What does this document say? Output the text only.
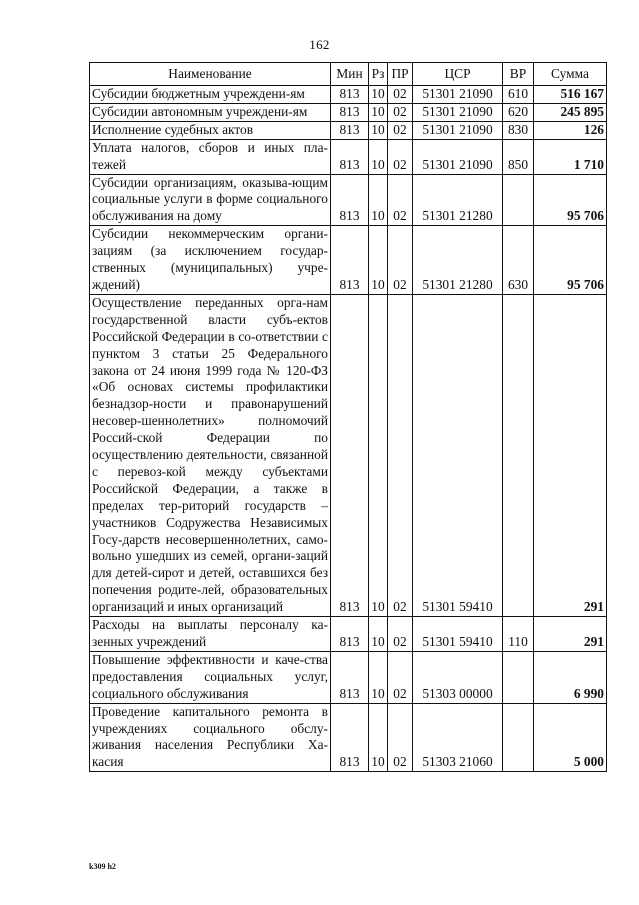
162
Наименование	Мин	Рз	ПР	ЦСР	ВР	Сумма
Субсидии бюджетным учреждени-ям	813	10	02	51301 21090	610	516 167
Субсидии автономным учреждени-ям	813	10	02	51301 21090	620	245 895
Исполнение судебных актов	813	10	02	51301 21090	830	126
Уплата налогов, сборов и иных пла-тежей	813	10	02	51301 21090	850	1 710
Субсидии организациям, оказыва-ющим социальные услуги в форме социального обслуживания на дому	813	10	02	51301 21280		95 706
Субсидии некоммерческим органи-зациям (за исключением государ-ственных (муниципальных) учре-ждений)	813	10	02	51301 21280	630	95 706
Осуществление переданных орга-нам государственной власти субъ-ектов Российской Федерации в со-ответствии с пунктом 3 статьи 25 Федерального закона от 24 июня 1999 года № 120-ФЗ «Об основах системы профилактики безнадзор-ности и правонарушений несовер-шеннолетних» полномочий Россий-ской Федерации по осуществлению деятельности, связанной с перевоз-кой между субъектами Российской Федерации, а также в пределах тер-риторий государств – участников Содружества Независимых Госу-дарств несовершеннолетних, само-вольно ушедших из семей, органи-заций для детей-сирот и детей, оставшихся без попечения родите-лей, образовательных организаций и иных организаций	813	10	02	51301 59410		291
Расходы на выплаты персоналу ка-зенных учреждений	813	10	02	51301 59410	110	291
Повышение эффективности и каче-ства предоставления социальных услуг, социального обслуживания	813	10	02	51303 00000		6 990
Проведение капитального ремонта в учреждениях социального обслу-живания населения Республики Ха-касия	813	10	02	51303 21060		5 000
k309 h2
